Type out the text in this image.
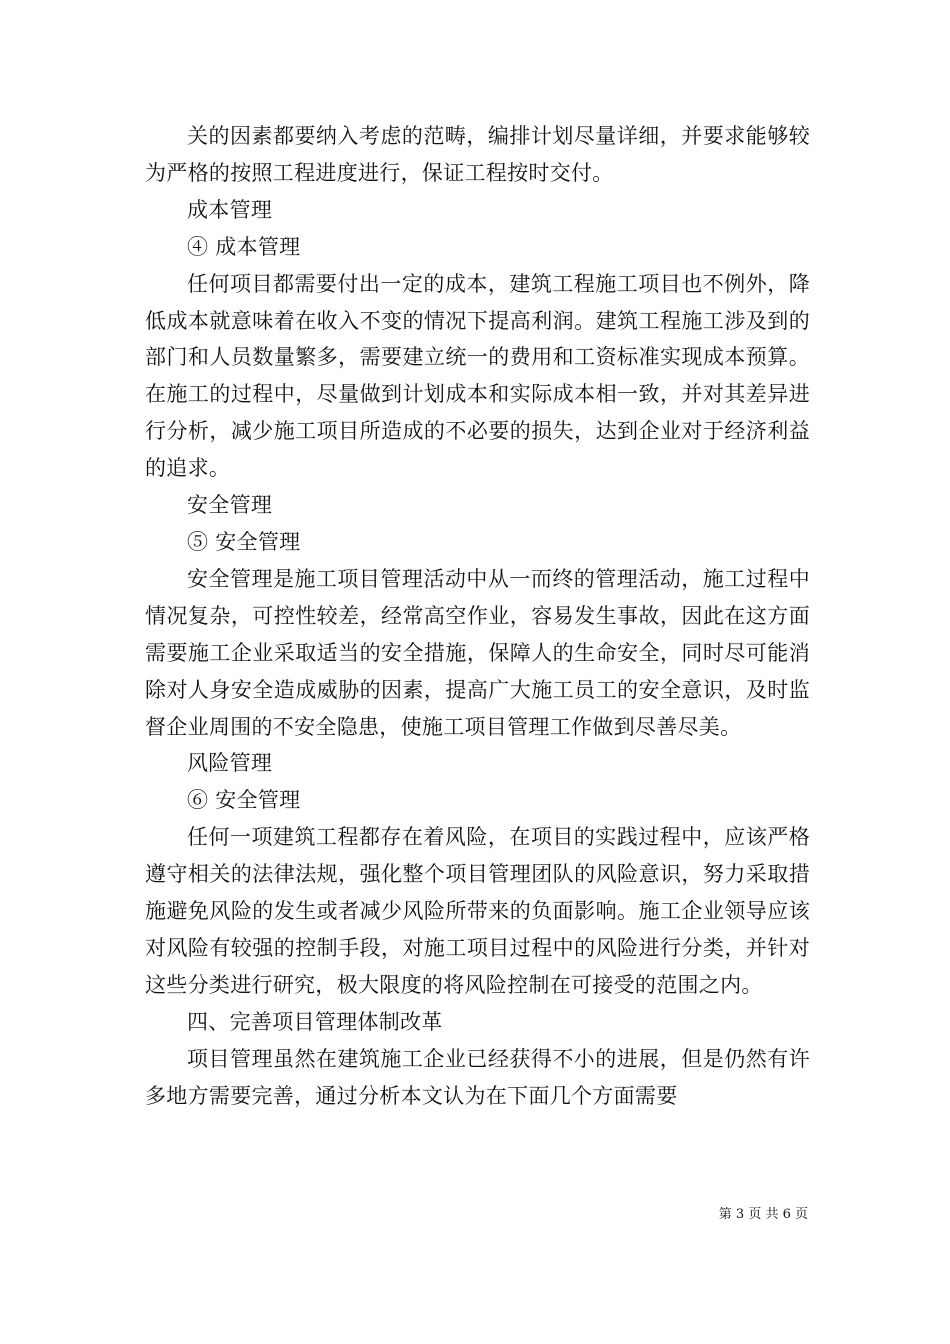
关的因素都要纳入考虑的范畴，编排计划尽量详细，并要求能够较为严格的按照工程进度进行，保证工程按时交付。

成本管理

④ 成本管理

任何项目都需要付出一定的成本，建筑工程施工项目也不例外，降低成本就意味着在收入不变的情况下提高利润。建筑工程施工涉及到的部门和人员数量繁多，需要建立统一的费用和工资标准实现成本预算。在施工的过程中，尽量做到计划成本和实际成本相一致，并对其差异进行分析，减少施工项目所造成的不必要的损失，达到企业对于经济利益的追求。

安全管理

⑤ 安全管理

安全管理是施工项目管理活动中从一而终的管理活动，施工过程中情况复杂，可控性较差，经常高空作业，容易发生事故，因此在这方面需要施工企业采取适当的安全措施，保障人的生命安全，同时尽可能消除对人身安全造成威胁的因素，提高广大施工员工的安全意识，及时监督企业周围的不安全隐患，使施工项目管理工作做到尽善尽美。

风险管理

⑥ 安全管理

任何一项建筑工程都存在着风险，在项目的实践过程中，应该严格遵守相关的法律法规，强化整个项目管理团队的风险意识，努力采取措施避免风险的发生或者减少风险所带来的负面影响。施工企业领导应该对风险有较强的控制手段，对施工项目过程中的风险进行分类，并针对这些分类进行研究，极大限度的将风险控制在可接受的范围之内。

四、完善项目管理体制改革

项目管理虽然在建筑施工企业已经获得不小的进展，但是仍然有许多地方需要完善，通过分析本文认为在下面几个方面需要

第 3 页 共 6 页
